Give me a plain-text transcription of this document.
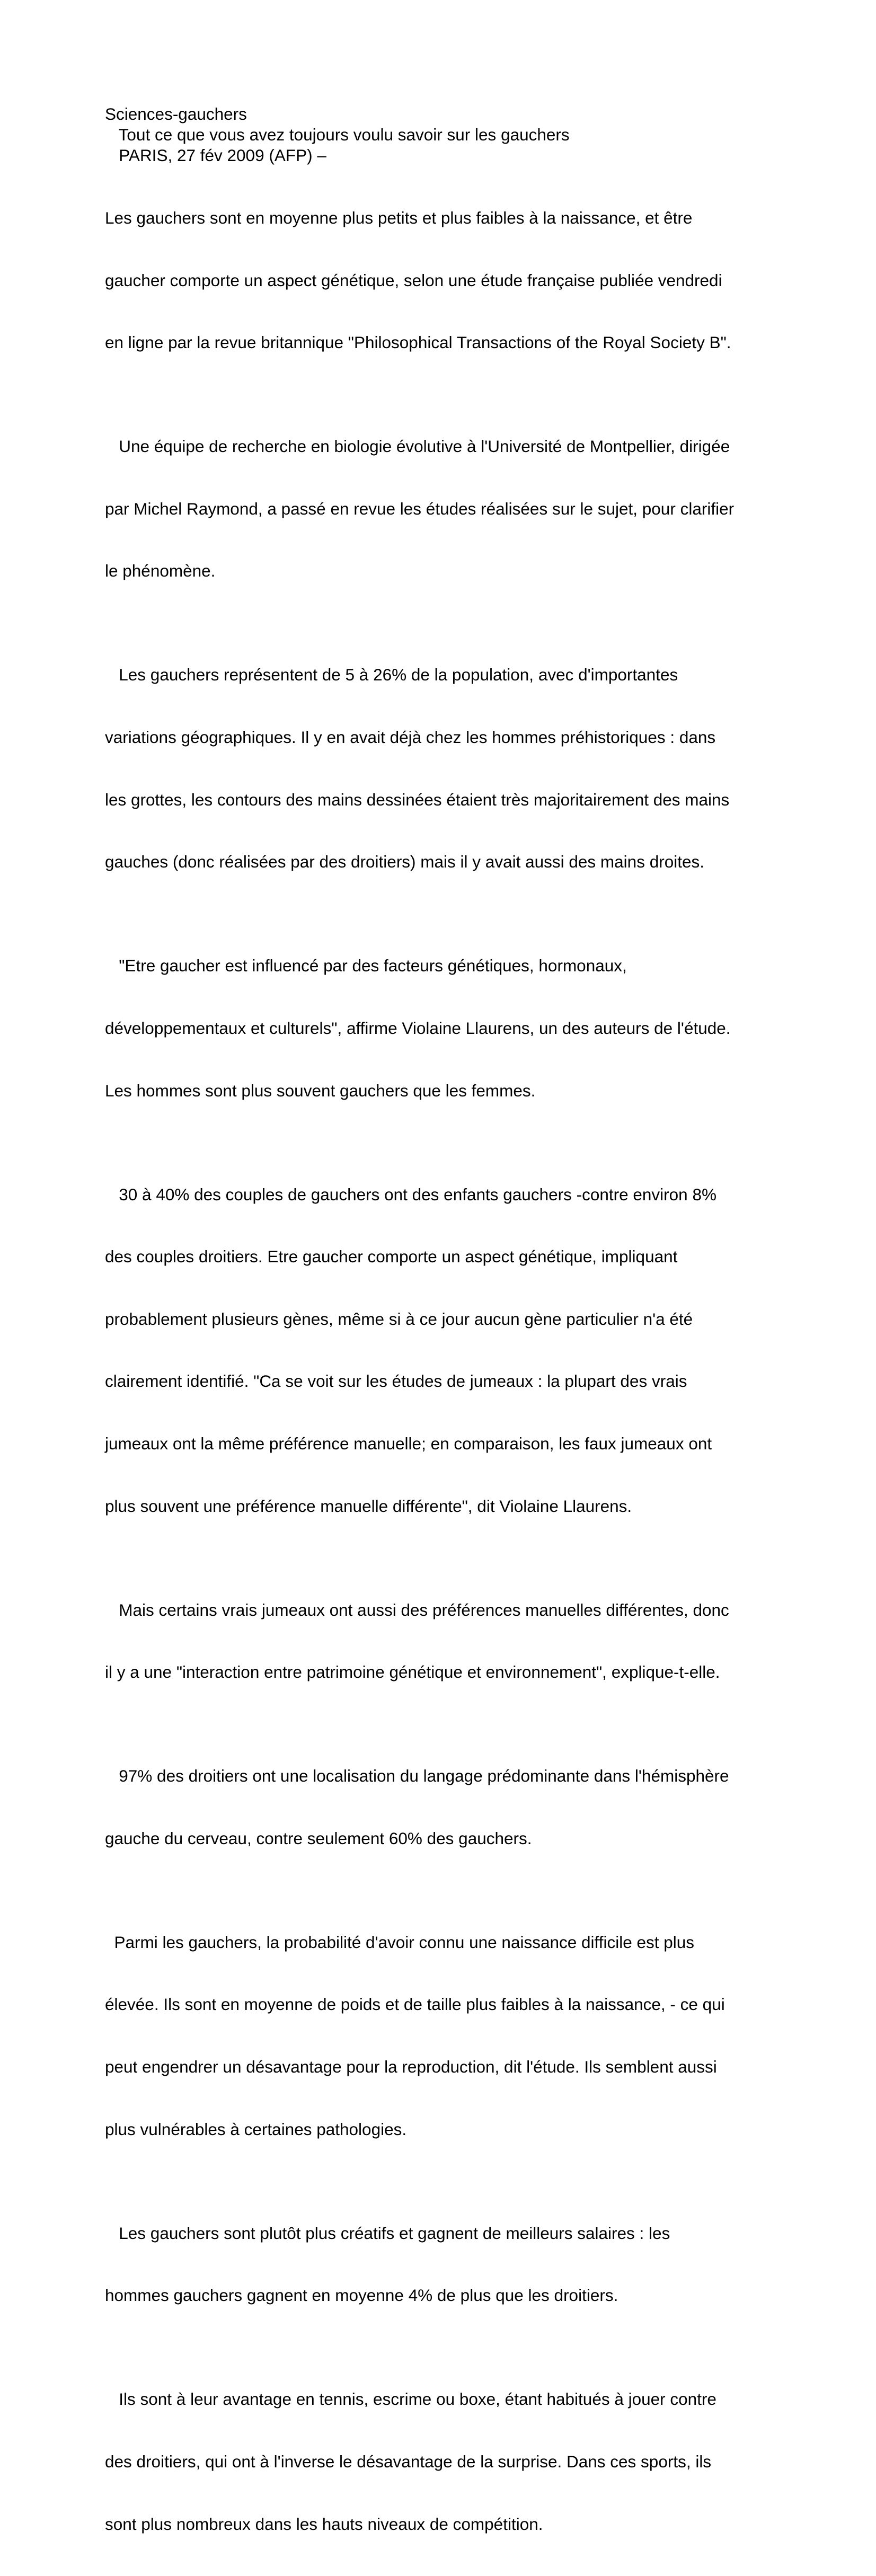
Sciences-gauchers
Tout ce que vous avez toujours voulu savoir sur les gauchers
PARIS, 27 fév 2009 (AFP) –

Les gauchers sont en moyenne plus petits et plus faibles à la naissance, et être

gaucher comporte un aspect génétique, selon une étude française publiée vendredi

en ligne par la revue britannique "Philosophical Transactions of the Royal Society B".

Une équipe de recherche en biologie évolutive à l'Université de Montpellier, dirigée

par Michel Raymond, a passé en revue les études réalisées sur le sujet, pour clarifier

le phénomène.

Les gauchers représentent de 5 à 26% de la population, avec d'importantes

variations géographiques. Il y en avait déjà chez les hommes préhistoriques : dans

les grottes, les contours des mains dessinées étaient très majoritairement des mains

gauches (donc réalisées par des droitiers) mais il y avait aussi des mains droites.

"Etre gaucher est influencé par des facteurs génétiques, hormonaux,

développementaux et culturels", affirme Violaine Llaurens, un des auteurs de l'étude.

Les hommes sont plus souvent gauchers que les femmes.

30 à 40% des couples de gauchers ont des enfants gauchers -contre environ 8%

des couples droitiers. Etre gaucher comporte un aspect génétique, impliquant

probablement plusieurs gènes, même si à ce jour aucun gène particulier n'a été

clairement identifié. "Ca se voit sur les études de jumeaux : la plupart des vrais

jumeaux ont la même préférence manuelle; en comparaison, les faux jumeaux ont

plus souvent une préférence manuelle différente", dit Violaine Llaurens.

Mais certains vrais jumeaux ont aussi des préférences manuelles différentes, donc

il y a une "interaction entre patrimoine génétique et environnement", explique-t-elle.

97% des droitiers ont une localisation du langage prédominante dans l'hémisphère

gauche du cerveau, contre seulement 60% des gauchers.

Parmi les gauchers, la probabilité d'avoir connu une naissance difficile est plus

élevée. Ils sont en moyenne de poids et de taille plus faibles à la naissance, - ce qui

peut engendrer un désavantage pour la reproduction, dit l'étude. Ils semblent aussi

plus vulnérables à certaines pathologies.

Les gauchers sont plutôt plus créatifs et gagnent de meilleurs salaires : les

hommes gauchers gagnent en moyenne 4% de plus que les droitiers.

Ils sont à leur avantage en tennis, escrime ou boxe, étant habitués à jouer contre

des droitiers, qui ont à l'inverse le désavantage de la surprise. Dans ces sports, ils

sont plus nombreux dans les hauts niveaux de compétition.
